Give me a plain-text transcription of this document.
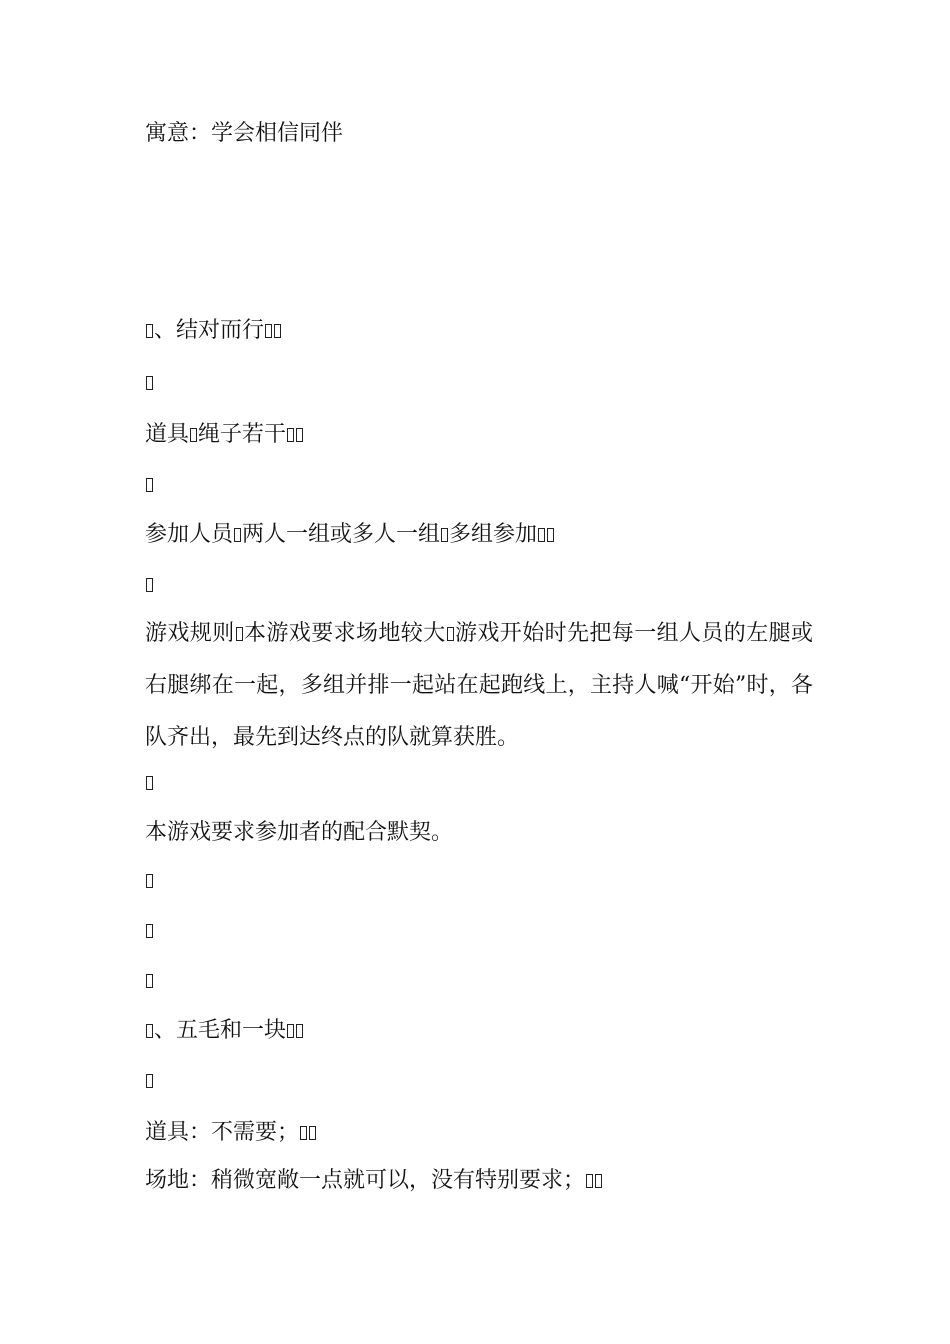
寓意：学会相信同伴
、结对而行
道具 绳子若干
参加人员 两人一组或多人一组 多组参加
游戏规则 本游戏要求场地较大 游戏开始时先把每一组人员的左腿或右腿绑在一起，多组并排一起站在起跑线上，主持人喊“开始”时，各队齐出，最先到达终点的队就算获胜。
本游戏要求参加者的配合默契。
、五毛和一块
道具：不需要；
场地：稍微宽敞一点就可以，没有特别要求；
